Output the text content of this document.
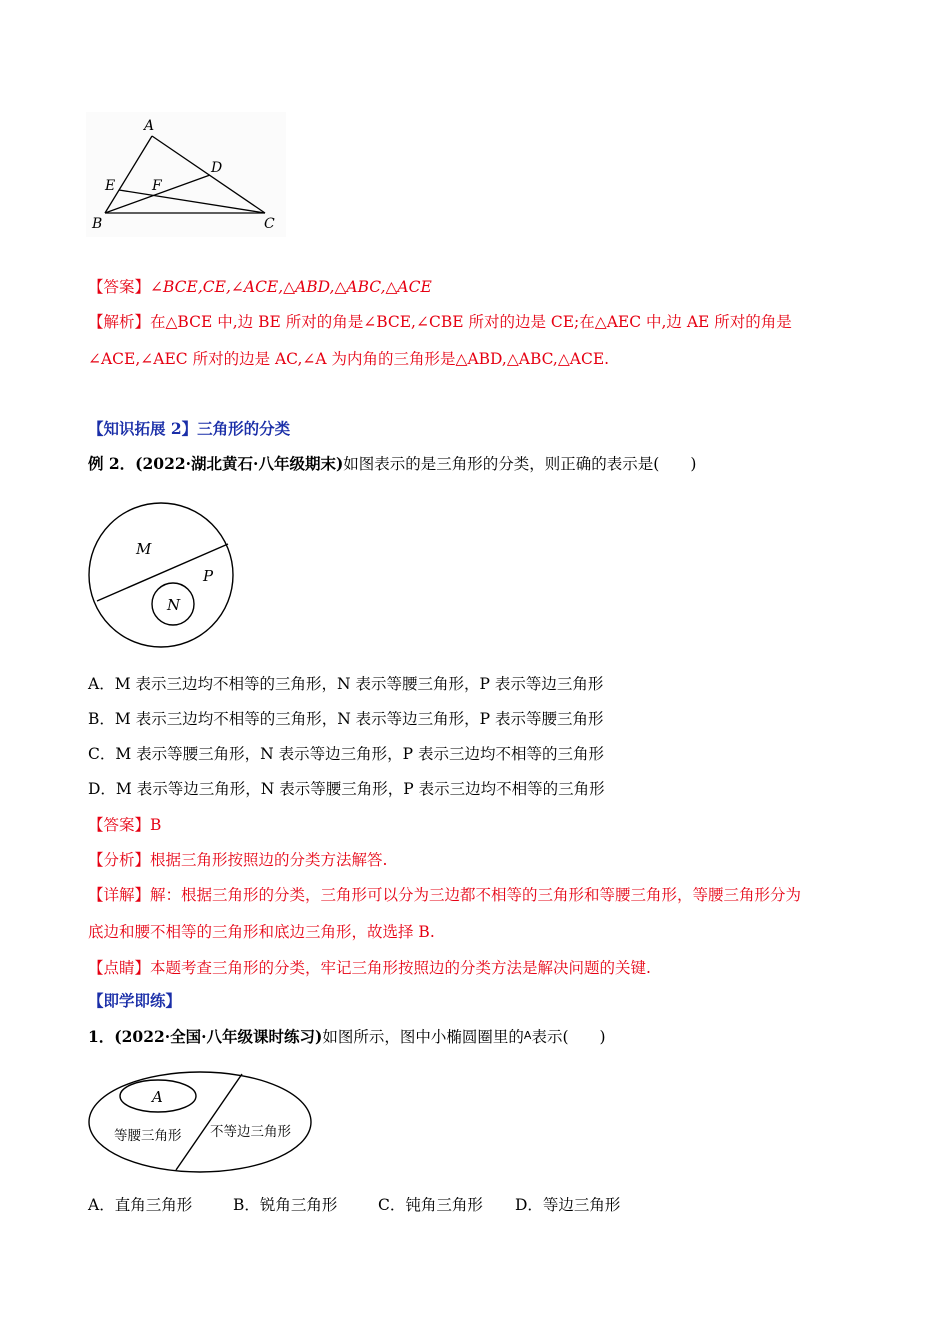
A
B	C
D
E	F
【答案】∠BCE,CE,∠ACE,△ABD,△ABC,△ACE
【解析】在△BCE 中,边 BE 所对的角是∠BCE,∠CBE 所对的边是 CE;在△AEC 中,边 AE 所对的角是
∠ACE,∠AEC 所对的边是 AC,∠A 为内角的三角形是△ABD,△ABC,△ACE.
【知识拓展 2】三角形的分类
例 2．(2022·湖北黄石·八年级期末)如图表示的是三角形的分类，则正确的表示是(　　)
M
P
N
A．M 表示三边均不相等的三角形，N 表示等腰三角形，P 表示等边三角形
B．M 表示三边均不相等的三角形，N 表示等边三角形，P 表示等腰三角形
C．M 表示等腰三角形，N 表示等边三角形，P 表示三边均不相等的三角形
D．M 表示等边三角形，N 表示等腰三角形，P 表示三边均不相等的三角形
【答案】B
【分析】根据三角形按照边的分类方法解答.
【详解】解：根据三角形的分类，三角形可以分为三边都不相等的三角形和等腰三角形，等腰三角形分为
底边和腰不相等的三角形和底边三角形，故选择 B.
【点睛】本题考查三角形的分类，牢记三角形按照边的分类方法是解决问题的关键.
【即学即练】
1．(2022·全国·八年级课时练习)如图所示，图中小椭圆圈里的A表示(　　)
A
等腰三角形 不等边三角形
A．直角三角形	B．锐角三角形	C．钝角三角形 D．等边三角形
